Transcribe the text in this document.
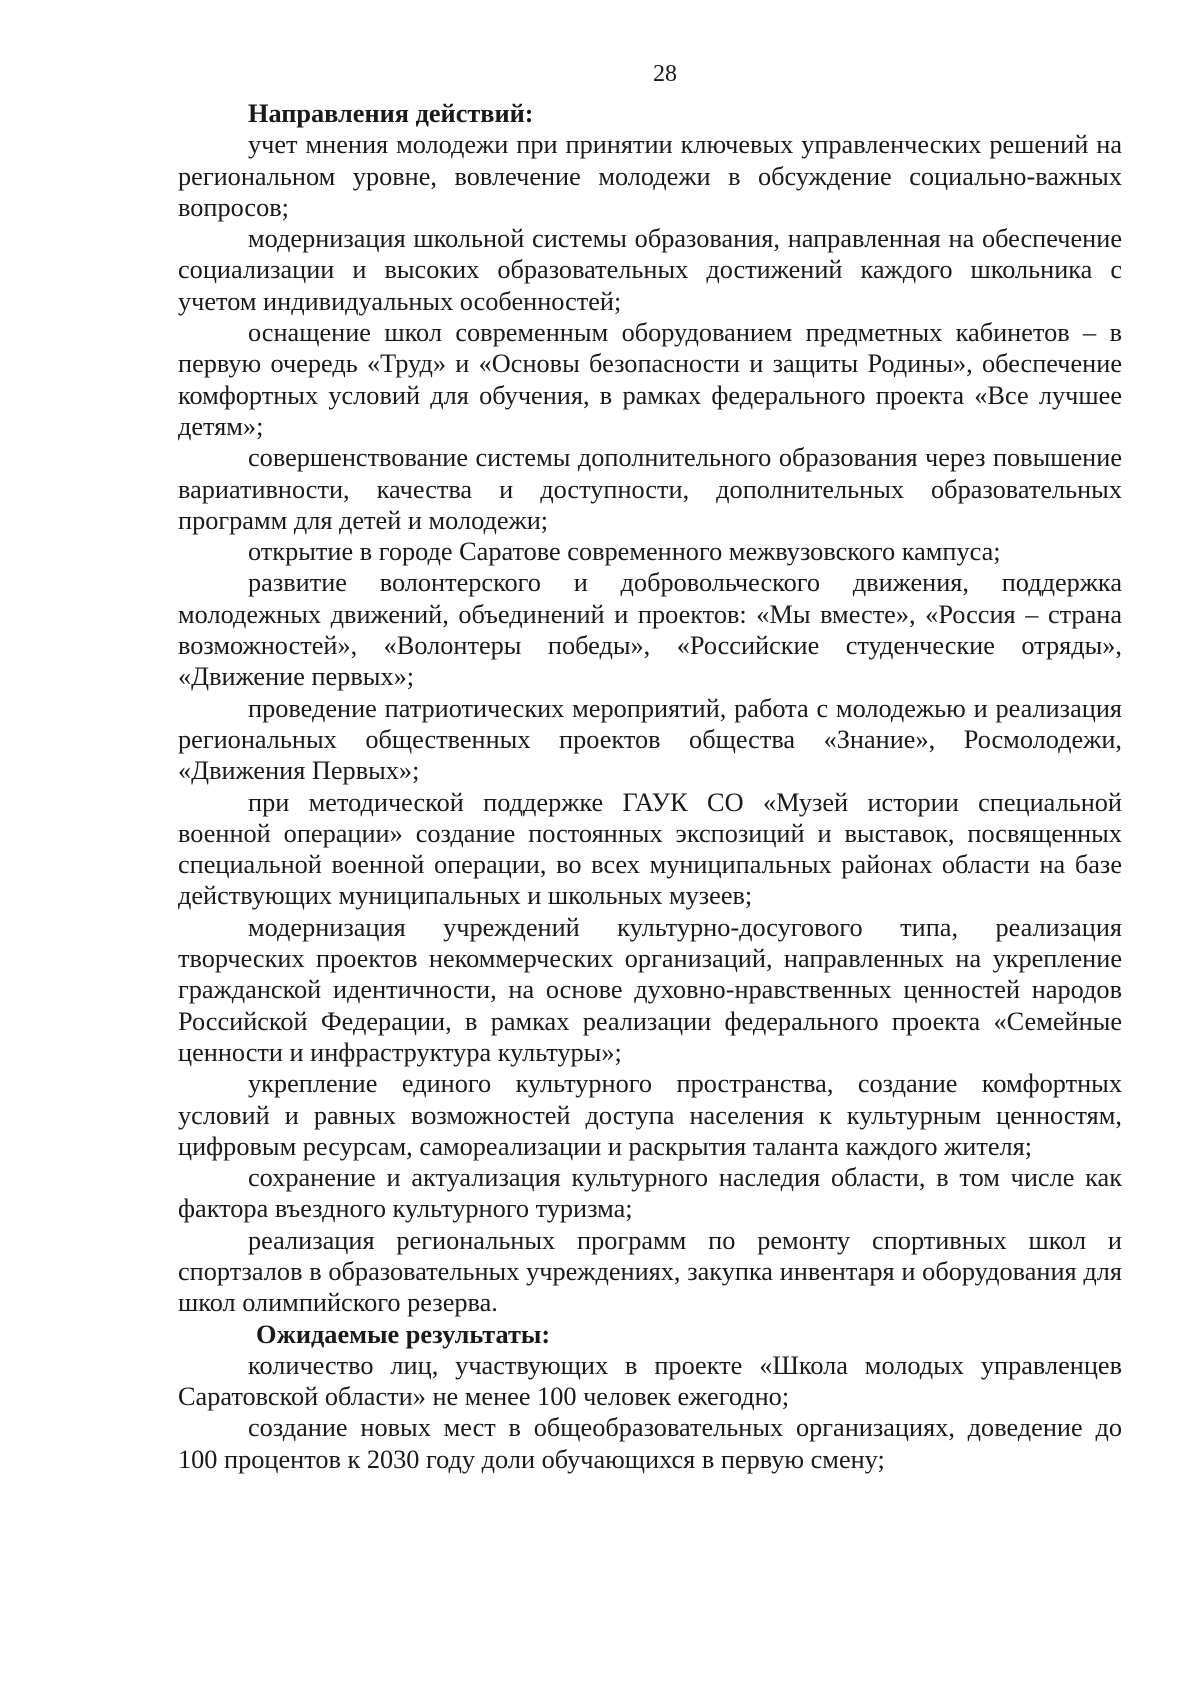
28

Направления действий:

учет мнения молодежи при принятии ключевых управленческих решений на региональном уровне, вовлечение молодежи в обсуждение социально-важных вопросов;

модернизация школьной системы образования, направленная на обеспечение социализации и высоких образовательных достижений каждого школьника с учетом индивидуальных особенностей;

оснащение школ современным оборудованием предметных кабинетов – в первую очередь «Труд» и «Основы безопасности и защиты Родины», обеспечение комфортных условий для обучения, в рамках федерального проекта «Все лучшее детям»;

совершенствование системы дополнительного образования через повышение вариативности, качества и доступности, дополнительных образовательных программ для детей и молодежи;

открытие в городе Саратове современного межвузовского кампуса;

развитие волонтерского и добровольческого движения, поддержка молодежных движений, объединений и проектов: «Мы вместе», «Россия – страна возможностей», «Волонтеры победы», «Российские студенческие отряды», «Движение первых»;

проведение патриотических мероприятий, работа с молодежью и реализация региональных общественных проектов общества «Знание», Росмолодежи, «Движения Первых»;

при методической поддержке ГАУК СО «Музей истории специальной военной операции» создание постоянных экспозиций и выставок, посвященных специальной военной операции, во всех муниципальных районах области на базе действующих муниципальных и школьных музеев;

модернизация учреждений культурно-досугового типа, реализация творческих проектов некоммерческих организаций, направленных на укрепление гражданской идентичности, на основе духовно-нравственных ценностей народов Российской Федерации, в рамках реализации федерального проекта «Семейные ценности и инфраструктура культуры»;

укрепление единого культурного пространства, создание комфортных условий и равных возможностей доступа населения к культурным ценностям, цифровым ресурсам, самореализации и раскрытия таланта каждого жителя;

сохранение и актуализация культурного наследия области, в том числе как фактора въездного культурного туризма;

реализация региональных программ по ремонту спортивных школ и спортзалов в образовательных учреждениях, закупка инвентаря и оборудования для школ олимпийского резерва.

Ожидаемые результаты:

количество лиц, участвующих в проекте «Школа молодых управленцев Саратовской области» не менее 100 человек ежегодно;

создание новых мест в общеобразовательных организациях, доведение до 100 процентов к 2030 году доли обучающихся в первую смену;
